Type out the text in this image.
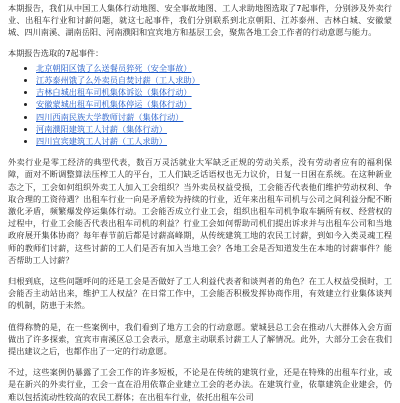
本期报告，我们从中国工人集体行动地图、安全事故地图、工人求助地图选取了7起事件，分别涉及外卖行业、出租车行业和讨薪问题，就这七起事件，我们分别联系到北京朝阳、江苏泰州、吉林白城、安徽蒙城、四川南溪、湖南岳阳、河南濮阳和宜宾地方和基层工会，聚焦各地工会工作者的行动意愿与能力。

本期报告选取的7起事件：
• 北京朝阳区饿了么送餐员猝死（安全事故）
• 江苏泰州饿了么外卖员自焚讨薪（工人求助）
• 吉林白城出租车司机集体诉讼（集体行动）
• 安徽蒙城出租车司机集体停运（集体行动）
• 四川西南民族大学教师讨薪（集体行动）
• 河南濮阳建筑工人讨薪（集体行动）
• 四川宜宾建筑工人讨薪（工人求助）

外卖行业是零工经济的典型代表，数百万灵活就业大军缺乏正规的劳动关系，没有劳动者应有的福利保障，面对不断调整算法压榨工人的平台，工人们缺乏话语权也无力议价，日复一日困在系统。在这种新业态之下，工会如何组织外卖工人加入工会组织？当外卖员权益受损，工会能否代表他们维护劳动权利、争取合理的工资待遇？出租车行业一向是矛盾较为持续的行业，近年来出租车司机与公司之间利益分配不断激化矛盾，频繁爆发停运集体行动。工会能否成立行业工会，组织出租车司机争取车辆所有权、经营权的过程中，行业工会能否代表出租车司机的利益？行业工会如何帮助司机们提出诉求并与出租车公司和当地政府展开集体协商？每年春节前后都是讨薪高峰期，从传统建筑工地的农民工讨薪，到如今入类灵魂工程师的教师们讨薪，这些讨薪的工人们是否有加入当地工会？各地工会是否知道发生在本地的讨薪事件？能否帮助工人讨薪？

归根到底，这些问题呼问的还是工会是否做好了工人利益代表者和谈判者的角色？在工人权益受损时，工会能否主动站出来，维护工人权益？在日常工作中，工会能否积极发挥协商作用，有效建立行业集体谈判的机制，防患于未然。

值得称赞的是，在一些案例中，我们看到了地方工会的行动意愿。蒙城县总工会在推动八大群体入会方面做出了许多探索，宜宾市南溪区总工会表示，愿意主动联系讨薪工人了解情况。此外，大部分工会在我们提出建议之后，也都作出了一定的行动意愿。

不过，这些案例仍暴露了工会工作的许多短板，不论是在传统的建筑行业，还是在特殊的出租车行业，或是在新兴的外卖行业，工会一直在沿用依靠企业建立工会的老办法。在建筑行业，依靠建筑企业建会，仍难以包括流动性较高的农民工群体；在出租车行业，依托出租车公司
